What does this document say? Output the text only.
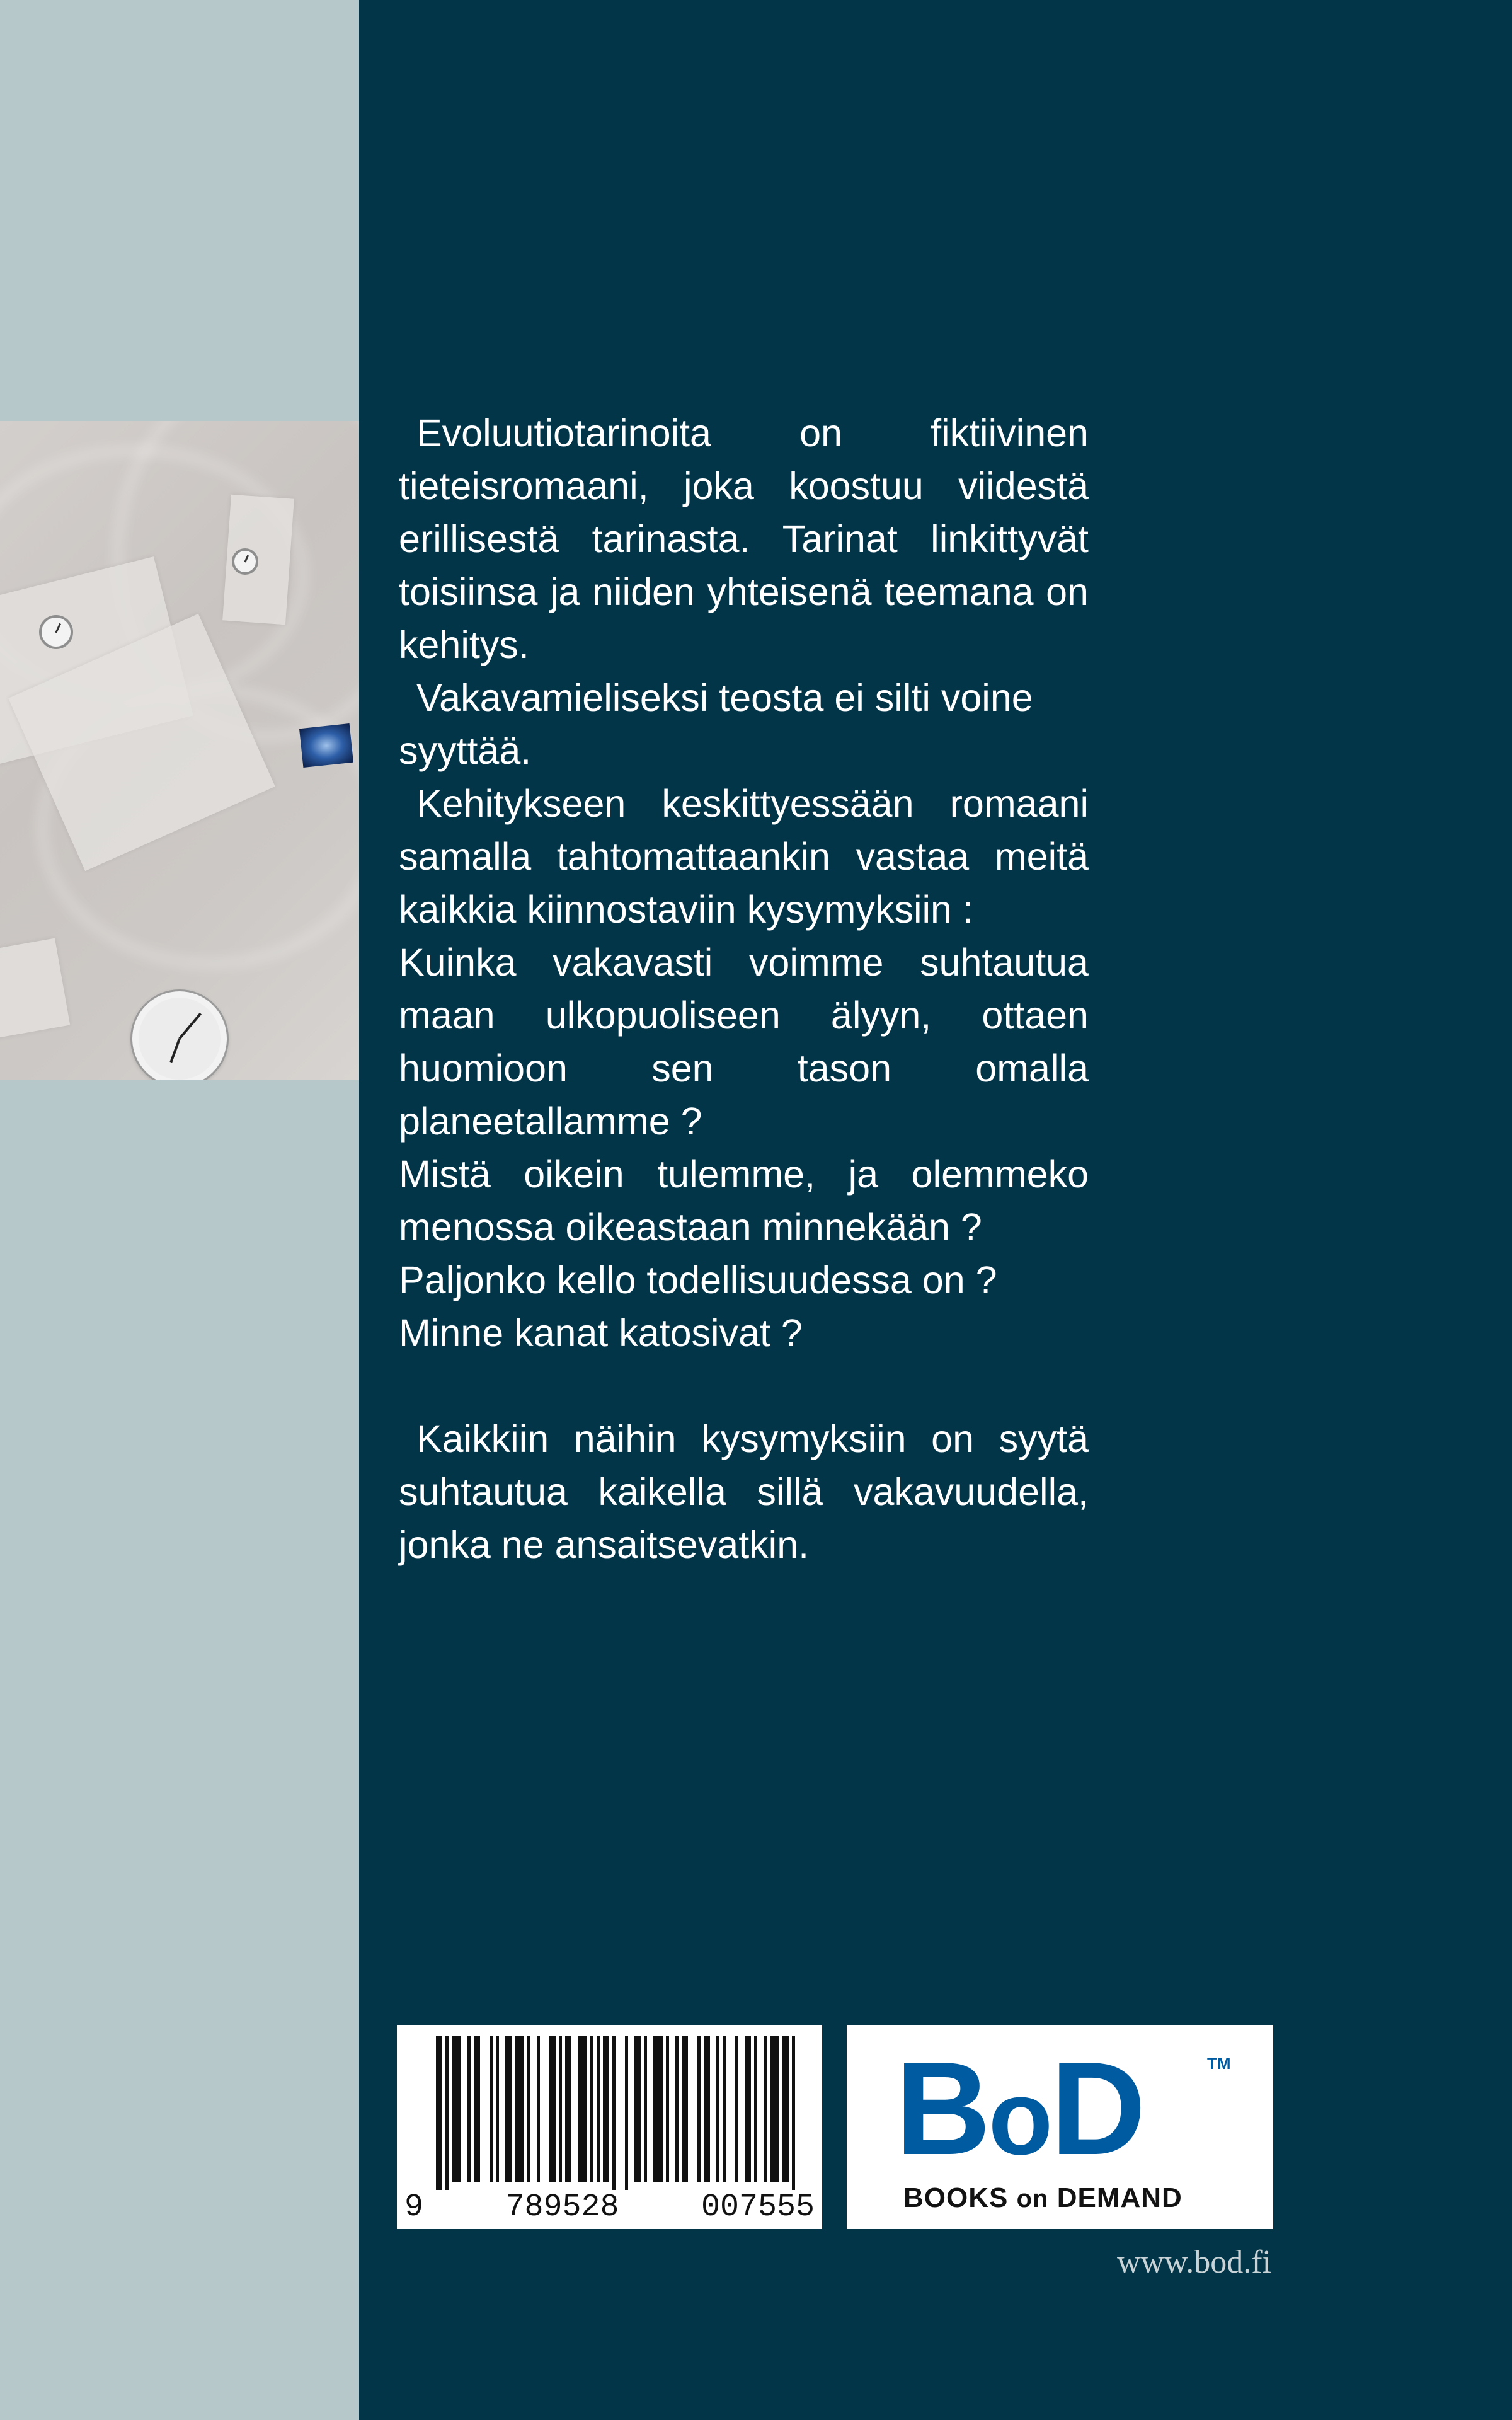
Evoluutiotarinoita on fiktiivinen tieteisromaani, joka koostuu viidestä erillisestä tarinasta. Tarinat linkittyvät toisiinsa ja niiden yhteisenä teemana on kehitys.

Vakavamieliseksi teosta ei silti voine syyttää.

Kehitykseen keskittyessään romaani samalla tahtomattaankin vastaa meitä kaikkia kiinnostaviin kysymyksiin :

Kuinka vakavasti voimme suhtautua maan ulkopuoliseen älyyn, ottaen huomioon sen tason omalla planeetallamme ?

Mistä oikein tulemme, ja olemmeko menossa oikeastaan minnekään ?

Paljonko kello todellisuudessa on ?

Minne kanat katosivat ?

Kaikkiin näihin kysymyksiin on syytä suhtautua kaikella sillä vakavuudella, jonka ne ansaitsevatkin.

9	789528	007555
BoD	TM
BOOKS on DEMAND
www.bod.fi
